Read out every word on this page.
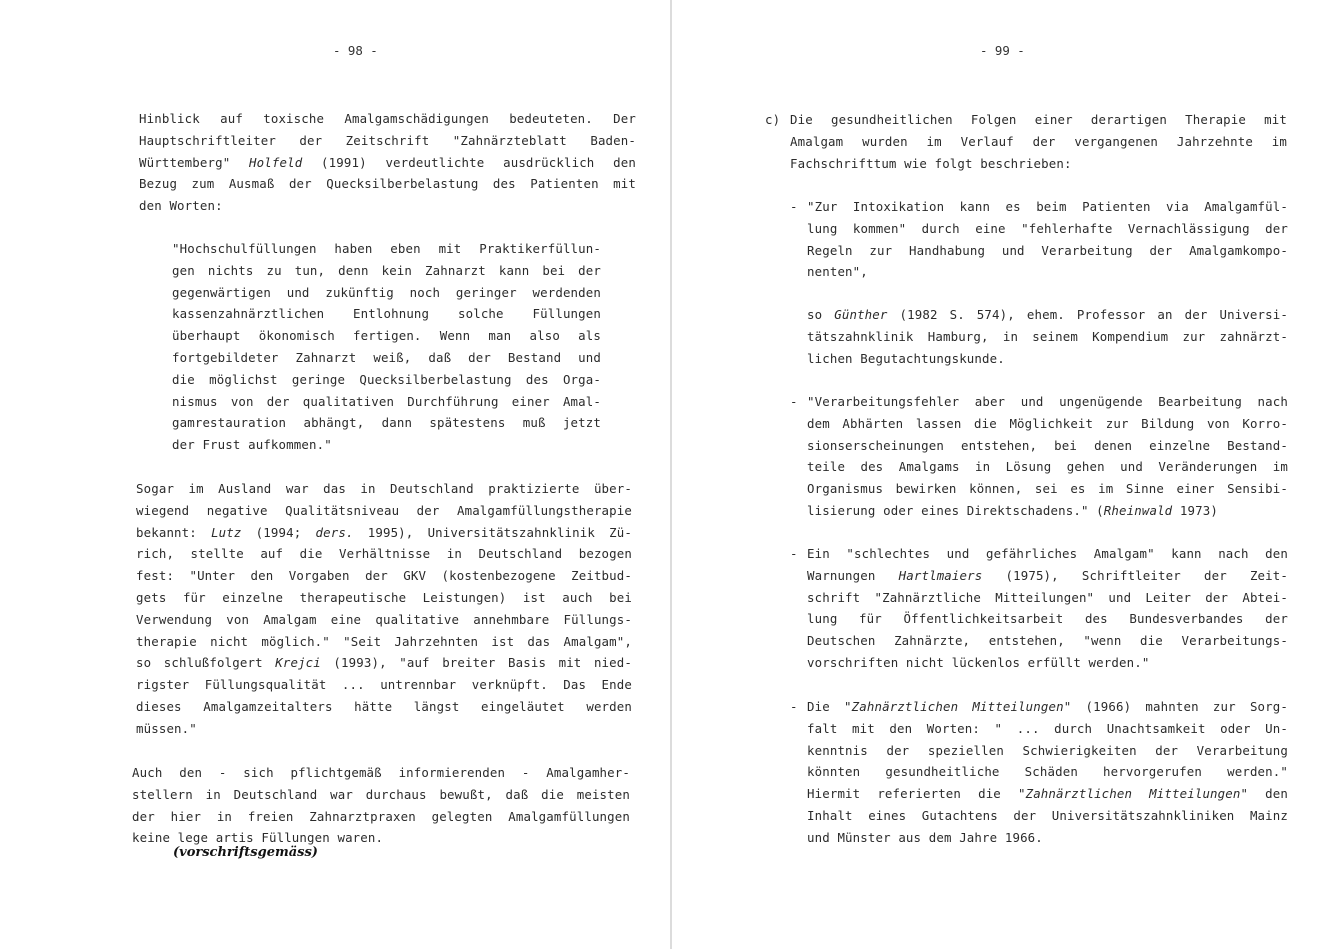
- 98 -
Hinblick auf toxische Amalgamschädigungen bedeuteten. Der
Hauptschriftleiter der Zeitschrift "Zahnärzteblatt Baden-
Württemberg" Holfeld (1991) verdeutlichte ausdrücklich den
Bezug zum Ausmaß der Quecksilberbelastung des Patienten mit
den Worten:
"Hochschulfüllungen haben eben mit Praktikerfüllun-
gen nichts zu tun, denn kein Zahnarzt kann bei der
gegenwärtigen und zukünftig noch geringer werdenden
kassenzahnärztlichen Entlohnung solche Füllungen
überhaupt ökonomisch fertigen. Wenn man also als
fortgebildeter Zahnarzt weiß, daß der Bestand und
die möglichst geringe Quecksilberbelastung des Orga-
nismus von der qualitativen Durchführung einer Amal-
gamrestauration abhängt, dann spätestens muß jetzt
der Frust aufkommen."
Sogar im Ausland war das in Deutschland praktizierte über-
wiegend negative Qualitätsniveau der Amalgamfüllungstherapie
bekannt: Lutz (1994; ders. 1995), Universitätszahnklinik Zü-
rich, stellte auf die Verhältnisse in Deutschland bezogen
fest: "Unter den Vorgaben der GKV (kostenbezogene Zeitbud-
gets für einzelne therapeutische Leistungen) ist auch bei
Verwendung von Amalgam eine qualitative annehmbare Füllungs-
therapie nicht möglich." "Seit Jahrzehnten ist das Amalgam",
so schlußfolgert Krejci (1993), "auf breiter Basis mit nied-
rigster Füllungsqualität ... untrennbar verknüpft. Das Ende
dieses Amalgamzeitalters hätte längst eingeläutet werden
müssen."
Auch den - sich pflichtgemäß informierenden - Amalgamher-
stellern in Deutschland war durchaus bewußt, daß die meisten
der hier in freien Zahnarztpraxen gelegten Amalgamfüllungen
keine lege artis Füllungen waren.
(vorschriftsgemäss)
- 99 -
c) Die gesundheitlichen Folgen einer derartigen Therapie mit
Amalgam wurden im Verlauf der vergangenen Jahrzehnte im
Fachschrifttum wie folgt beschrieben:
- "Zur Intoxikation kann es beim Patienten via Amalgamfül-
lung kommen" durch eine "fehlerhafte Vernachlässigung der
Regeln zur Handhabung und Verarbeitung der Amalgamkompo-
nenten",
so Günther (1982 S. 574), ehem. Professor an der Universi-
tätszahnklinik Hamburg, in seinem Kompendium zur zahnärzt-
lichen Begutachtungskunde.
- "Verarbeitungsfehler aber und ungenügende Bearbeitung nach
dem Abhärten lassen die Möglichkeit zur Bildung von Korro-
sionserscheinungen entstehen, bei denen einzelne Bestand-
teile des Amalgams in Lösung gehen und Veränderungen im
Organismus bewirken können, sei es im Sinne einer Sensibi-
lisierung oder eines Direktschadens." (Rheinwald 1973)
- Ein "schlechtes und gefährliches Amalgam" kann nach den
Warnungen Hartlmaiers (1975), Schriftleiter der Zeit-
schrift "Zahnärztliche Mitteilungen" und Leiter der Abtei-
lung für Öffentlichkeitsarbeit des Bundesverbandes der
Deutschen Zahnärzte, entstehen, "wenn die Verarbeitungs-
vorschriften nicht lückenlos erfüllt werden."
- Die "Zahnärztlichen Mitteilungen" (1966) mahnten zur Sorg-
falt mit den Worten: " ... durch Unachtsamkeit oder Un-
kenntnis der speziellen Schwierigkeiten der Verarbeitung
könnten gesundheitliche Schäden hervorgerufen werden."
Hiermit referierten die "Zahnärztlichen Mitteilungen" den
Inhalt eines Gutachtens der Universitätszahnkliniken Mainz
und Münster aus dem Jahre 1966.
